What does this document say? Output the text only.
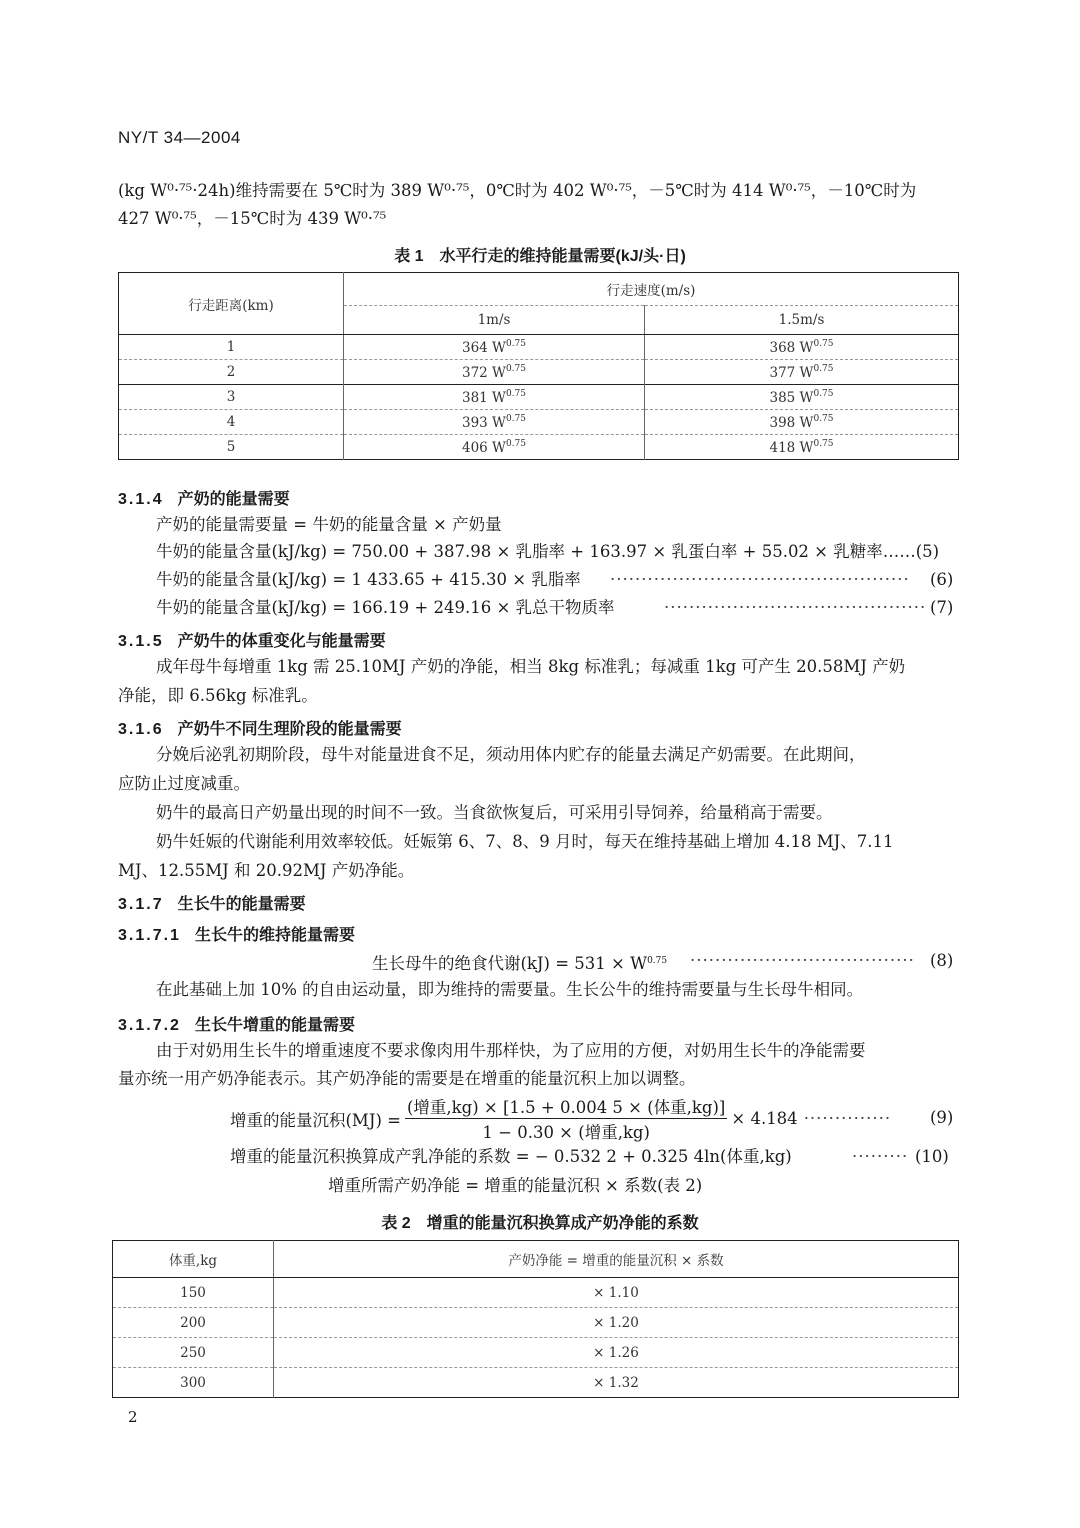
NY/T 34—2004
(kg W⁰·⁷⁵·24h)维持需要在 5℃时为 389 W⁰·⁷⁵，0℃时为 402 W⁰·⁷⁵，－5℃时为 414 W⁰·⁷⁵，－10℃时为
427 W⁰·⁷⁵，－15℃时为 439 W⁰·⁷⁵
表 1　水平行走的维持能量需要(kJ/头·日)
行走距离(km)	行走速度(m/s)	
	1m/s	1.5m/s
1	364 $W^{0.75}$	368 $W^{0.75}$
2	372 $W^{0.75}$	377 $W^{0.75}$
3	381 $W^{0.75}$	385 $W^{0.75}$
4	393 $W^{0.75}$	398 $W^{0.75}$
5	406 $W^{0.75}$	418 $W^{0.75}$
3.1.4 产奶的能量需要
产奶的能量需要量 = 牛奶的能量含量 × 产奶量
牛奶的能量含量(kJ/kg) = 750.00 + 387.98 × 乳脂率 + 163.97 × 乳蛋白率 + 55.02 × 乳糖率……(5)
牛奶的能量含量(kJ/kg) = 1 433.65 + 415.30 × 乳脂率 ················································ (6)
牛奶的能量含量(kJ/kg) = 166.19 + 249.16 × 乳总干物质率	·········································· (7)
3.1.5 产奶牛的体重变化与能量需要
成年母牛每增重 1kg 需 25.10MJ 产奶的净能，相当 8kg 标准乳；每减重 1kg 可产生 20.58MJ 产奶
净能，即 6.56kg 标准乳。
3.1.6 产奶牛不同生理阶段的能量需要
分娩后泌乳初期阶段，母牛对能量进食不足，须动用体内贮存的能量去满足产奶需要。在此期间，
应防止过度减重。
奶牛的最高日产奶量出现的时间不一致。当食欲恢复后，可采用引导饲养，给量稍高于需要。
奶牛妊娠的代谢能利用效率较低。妊娠第 6、7、8、9 月时，每天在维持基础上增加 4.18 MJ、7.11
MJ、12.55MJ 和 20.92MJ 产奶净能。
3.1.7 生长牛的能量需要
3.1.7.1 生长牛的维持能量需要
生长母牛的绝食代谢$(kJ) = 531 \times W^{0.75}$ ···································· (8)
在此基础上加 10% 的自由运动量，即为维持的需要量。生长公牛的维持需要量与生长母牛相同。
3.1.7.2 生长牛增重的能量需要
由于对奶用生长牛的增重速度不要求像肉用牛那样快，为了应用的方便，对奶用生长牛的净能需要
量亦统一用产奶净能表示。其产奶净能的需要是在增重的能量沉积上加以调整。
增重的能量沉积$(MJ) = \frac{\text{(增重,kg) × [1.5 + 0.004 5 × (体重,kg)]}}{\text{1 − 0.30 × (增重,kg)}} \times 4.184$ ·············· (9)
增重的能量沉积换算成产乳净能的系数 = − 0.532 2 + 0.325 4ln(体重,kg)	········· (10)
增重所需产奶净能 = 增重的能量沉积 × 系数(表 2)
表 2　增重的能量沉积换算成产奶净能的系数
体重,kg	产奶净能 = 增重的能量沉积 × 系数
150	× 1.10
200	× 1.20
250	× 1.26
300	× 1.32
2
